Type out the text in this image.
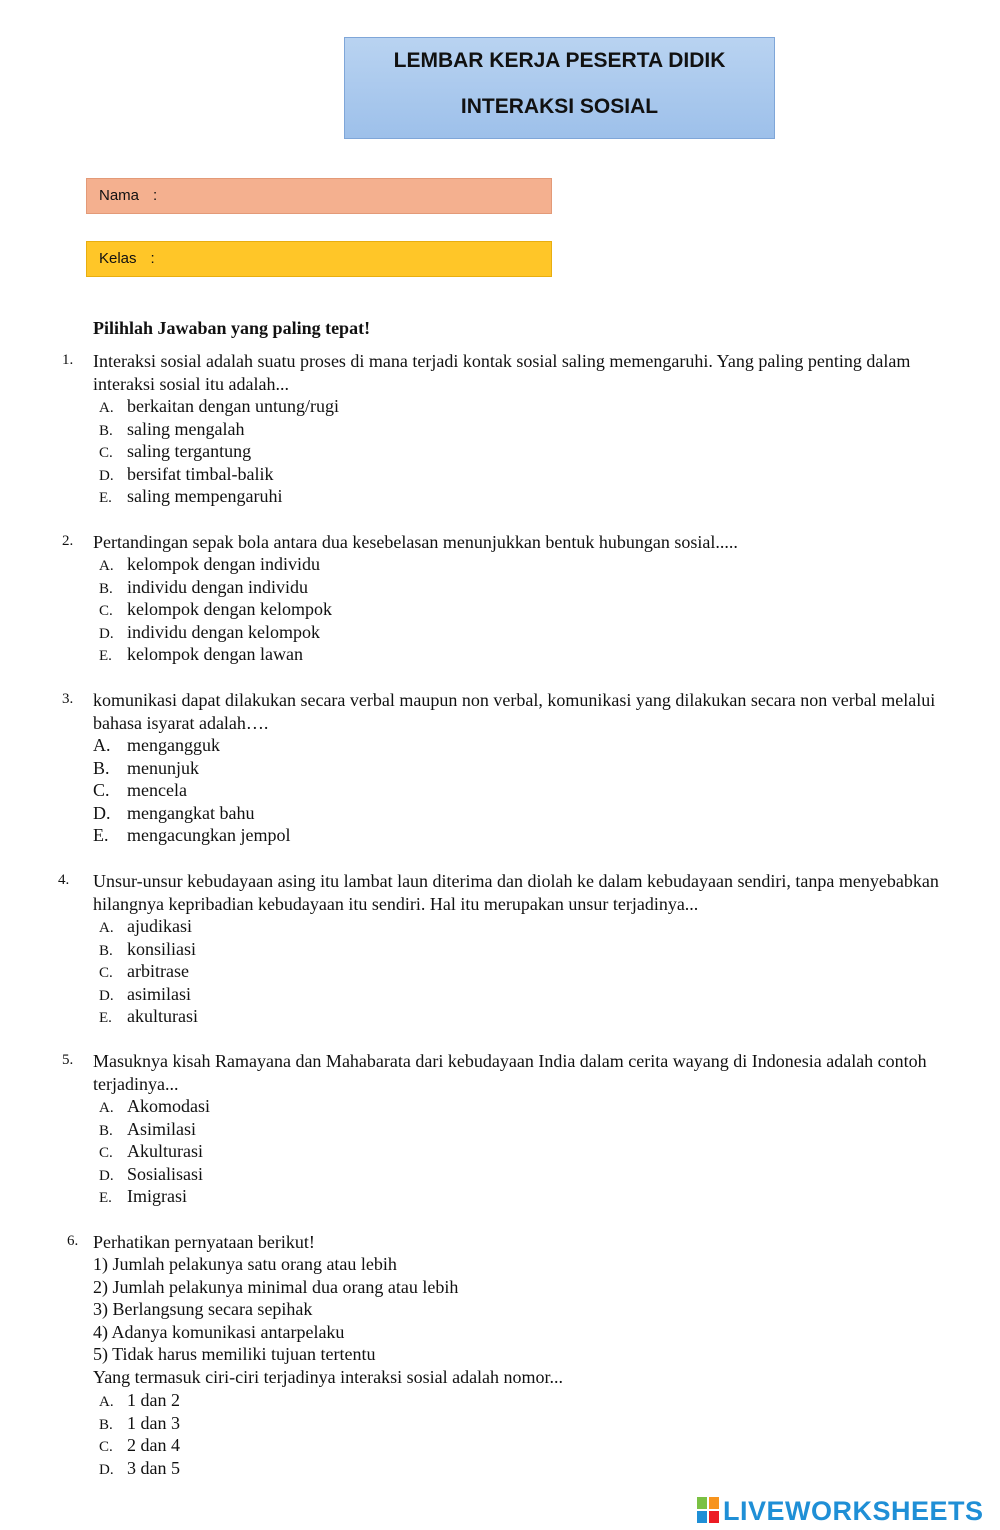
LEMBAR KERJA PESERTA DIDIK
INTERAKSI SOSIAL
Nama :
Kelas :
Pilihlah Jawaban yang paling tepat!
1. Interaksi sosial adalah suatu proses di mana terjadi kontak sosial saling memengaruhi. Yang paling penting dalam interaksi sosial itu adalah...
A. berkaitan dengan untung/rugi
B. saling mengalah
C. saling tergantung
D. bersifat timbal-balik
E. saling mempengaruhi
2. Pertandingan sepak bola antara dua kesebelasan menunjukkan bentuk hubungan sosial.....
A. kelompok dengan individu
B. individu dengan individu
C. kelompok dengan kelompok
D. individu dengan kelompok
E. kelompok dengan lawan
3. komunikasi dapat dilakukan secara verbal maupun non verbal, komunikasi yang dilakukan secara non verbal melalui bahasa isyarat adalah….
A. mengangguk
B. menunjuk
C. mencela
D. mengangkat bahu
E. mengacungkan jempol
4. Unsur-unsur kebudayaan asing itu lambat laun diterima dan diolah ke dalam kebudayaan sendiri, tanpa menyebabkan hilangnya kepribadian kebudayaan itu sendiri. Hal itu merupakan unsur terjadinya...
A. ajudikasi
B. konsiliasi
C. arbitrase
D. asimilasi
E. akulturasi
5. Masuknya kisah Ramayana dan Mahabarata dari kebudayaan India dalam cerita wayang di Indonesia adalah contoh terjadinya...
A. Akomodasi
B. Asimilasi
C. Akulturasi
D. Sosialisasi
E. Imigrasi
6. Perhatikan pernyataan berikut!
1) Jumlah pelakunya satu orang atau lebih
2) Jumlah pelakunya minimal dua orang atau lebih
3) Berlangsung secara sepihak
4) Adanya komunikasi antarpelaku
5) Tidak harus memiliki tujuan tertentu
Yang termasuk ciri-ciri terjadinya interaksi sosial adalah nomor...
A. 1 dan 2
B. 1 dan 3
C. 2 dan 4
D. 3 dan 5
LIVEWORKSHEETS
